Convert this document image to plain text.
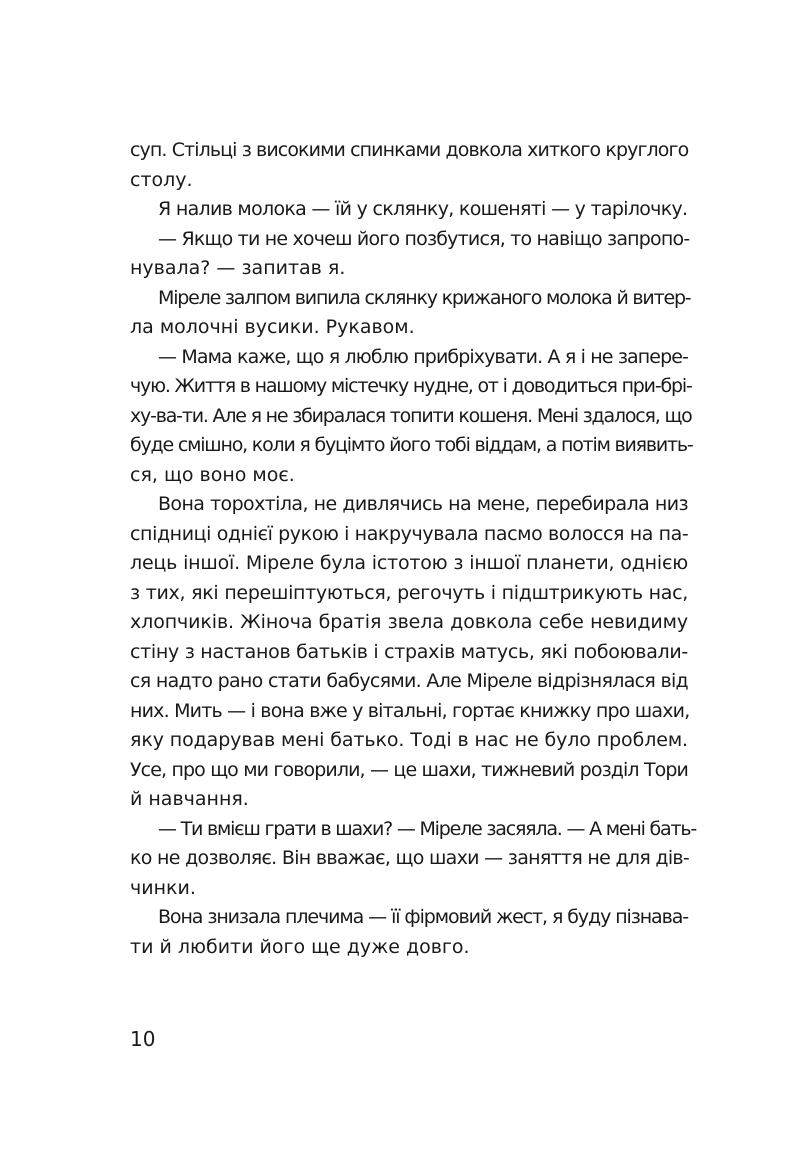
суп. Стільці з високими спинками довкола хиткого круглого
столу.
Я налив молока — їй у склянку, кошеняті — у тарілочку.
— Якщо ти не хочеш його позбутися, то навіщо запропо-
нувала? — запитав я.
Міреле залпом випила склянку крижаного молока й витер-
ла молочні вусики. Рукавом.
— Мама каже, що я люблю прибріхувати. А я і не запере-
чую. Життя в нашому містечку нудне, от і доводиться при-брі-
ху-ва-ти. Але я не збиралася топити кошеня. Мені здалося, що
буде смішно, коли я буцімто його тобі віддам, а потім виявить-
ся, що воно моє.
Вона торохтіла, не дивлячись на мене, перебирала низ
спідниці однієї рукою і накручувала пасмо волосся на па-
лець іншої. Міреле була істотою з іншої планети, однією
з тих, які перешіптуються, регочуть і підштрикують нас,
хлопчиків. Жіноча братія звела довкола себе невидиму
стіну з настанов батьків і страхів матусь, які побоювали-
ся надто рано стати бабусями. Але Міреле відрізнялася від
них. Мить — і вона вже у вітальні, гортає книжку про шахи,
яку подарував мені батько. Тоді в нас не було проблем.
Усе, про що ми говорили, — це шахи, тижневий розділ Тори
й навчання.
— Ти вмієш грати в шахи? — Міреле засяяла. — А мені бать-
ко не дозволяє. Він вважає, що шахи — заняття не для дів-
чинки.
Вона знизала плечима — її фірмовий жест, я буду пізнава-
ти й любити його ще дуже довго.
10
